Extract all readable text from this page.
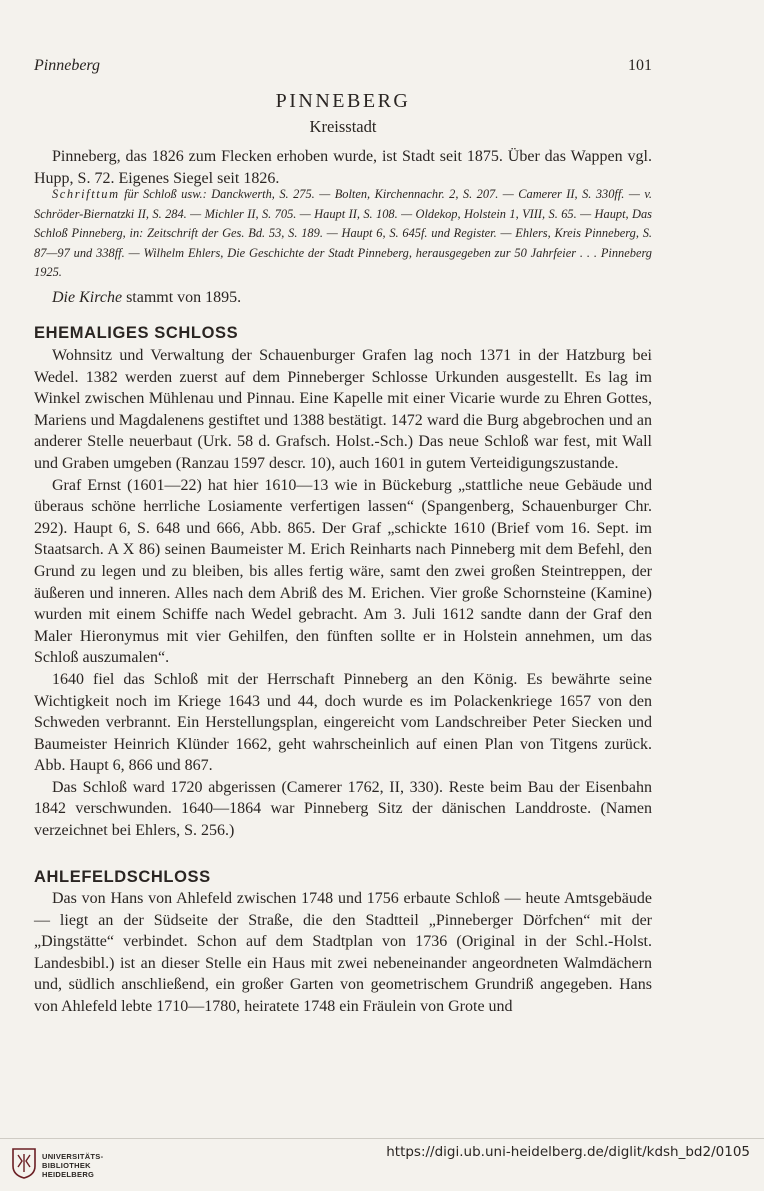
Pinneberg	101
PINNEBERG
Kreisstadt

Pinneberg, das 1826 zum Flecken erhoben wurde, ist Stadt seit 1875. Über das Wappen vgl. Hupp, S. 72. Eigenes Siegel seit 1826.

Schrifttum für Schloß usw.: Danckwerth, S. 275. — Bolten, Kirchennachr. 2, S. 207. — Camerer II, S. 330ff. — v. Schröder-Biernatzki II, S. 284. — Michler II, S. 705. — Haupt II, S. 108. — Oldekop, Holstein 1, VIII, S. 65. — Haupt, Das Schloß Pinneberg, in: Zeitschrift der Ges. Bd. 53, S. 189. — Haupt 6, S. 645f. und Register. — Ehlers, Kreis Pinneberg, S. 87—97 und 338ff. — Wilhelm Ehlers, Die Geschichte der Stadt Pinneberg, herausgegeben zur 50 Jahrfeier . . . Pinneberg 1925.

Die Kirche stammt von 1895.

EHEMALIGES SCHLOSS

Wohnsitz und Verwaltung der Schauenburger Grafen lag noch 1371 in der Hatzburg bei Wedel. 1382 werden zuerst auf dem Pinneberger Schlosse Urkunden ausgestellt. Es lag im Winkel zwischen Mühlenau und Pinnau. Eine Kapelle mit einer Vicarie wurde zu Ehren Gottes, Mariens und Magdalenens gestiftet und 1388 bestätigt. 1472 ward die Burg abgebrochen und an anderer Stelle neuerbaut (Urk. 58 d. Grafsch. Holst.-Sch.) Das neue Schloß war fest, mit Wall und Graben umgeben (Ranzau 1597 descr. 10), auch 1601 in gutem Verteidigungszustande.

Graf Ernst (1601—22) hat hier 1610—13 wie in Bückeburg „stattliche neue Gebäude und überaus schöne herrliche Losiamente verfertigen lassen“ (Spangenberg, Schauenburger Chr. 292). Haupt 6, S. 648 und 666, Abb. 865. Der Graf „schickte 1610 (Brief vom 16. Sept. im Staatsarch. A X 86) seinen Baumeister M. Erich Reinharts nach Pinneberg mit dem Befehl, den Grund zu legen und zu bleiben, bis alles fertig wäre, samt den zwei großen Steintreppen, der äußeren und inneren. Alles nach dem Abriß des M. Erichen. Vier große Schornsteine (Kamine) wurden mit einem Schiffe nach Wedel gebracht. Am 3. Juli 1612 sandte dann der Graf den Maler Hieronymus mit vier Gehilfen, den fünften sollte er in Holstein annehmen, um das Schloß auszumalen“.

1640 fiel das Schloß mit der Herrschaft Pinneberg an den König. Es bewährte seine Wichtigkeit noch im Kriege 1643 und 44, doch wurde es im Polackenkriege 1657 von den Schweden verbrannt. Ein Herstellungsplan, eingereicht vom Landschreiber Peter Siecken und Baumeister Heinrich Klünder 1662, geht wahrscheinlich auf einen Plan von Titgens zurück. Abb. Haupt 6, 866 und 867.

Das Schloß ward 1720 abgerissen (Camerer 1762, II, 330). Reste beim Bau der Eisenbahn 1842 verschwunden. 1640—1864 war Pinneberg Sitz der dänischen Landdroste. (Namen verzeichnet bei Ehlers, S. 256.)

AHLEFELDSCHLOSS

Das von Hans von Ahlefeld zwischen 1748 und 1756 erbaute Schloß — heute Amtsgebäude — liegt an der Südseite der Straße, die den Stadtteil „Pinneberger Dörfchen“ mit der „Dingstätte“ verbindet. Schon auf dem Stadtplan von 1736 (Original in der Schl.-Holst. Landesbibl.) ist an dieser Stelle ein Haus mit zwei nebeneinander angeordneten Walmdächern und, südlich anschließend, ein großer Garten von geometrischem Grundriß angegeben. Hans von Ahlefeld lebte 1710—1780, heiratete 1748 ein Fräulein von Grote und

UNIVERSITÄTS-
BIBLIOTHEK
HEIDELBERG
https://digi.ub.uni-heidelberg.de/diglit/kdsh_bd2/0105
